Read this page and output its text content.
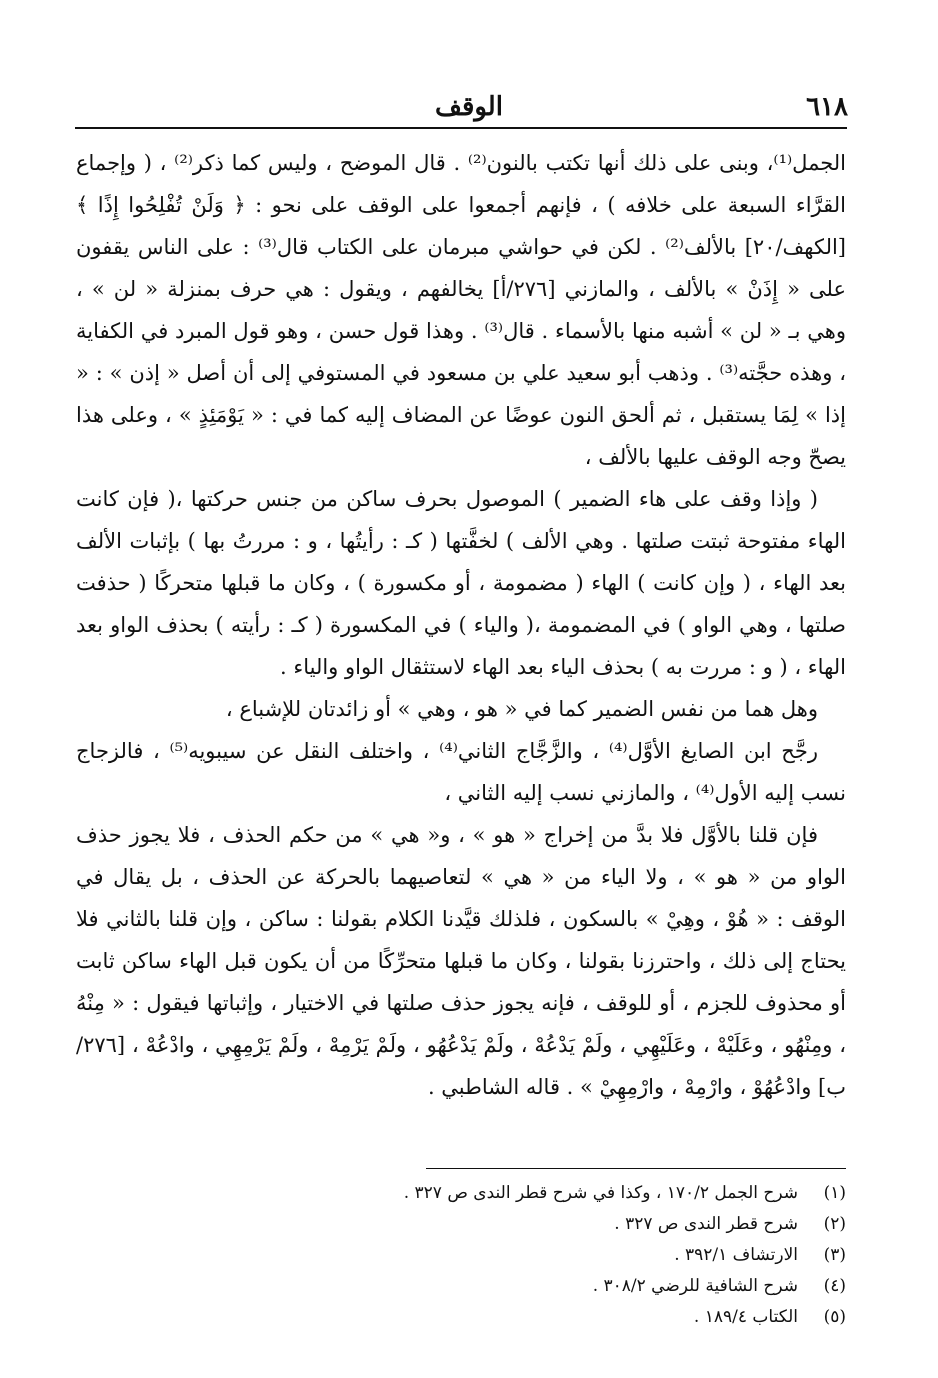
٦١٨
الوقف

الجمل⁽¹⁾، وبنى على ذلك أنها تكتب بالنون⁽²⁾ . قال الموضح ، وليس كما ذكر⁽²⁾ ، ( وإجماع القرَّاء السبعة على خلافه ) ، فإنهم أجمعوا على الوقف على نحو : ﴿ وَلَنْ تُفْلِحُوا إِذًا ﴾ [الكهف/٢٠] بالألف⁽²⁾ . لكن في حواشي مبرمان على الكتاب قال⁽³⁾ : على الناس يقفون على « إِذَنْ » بالألف ، والمازني [٢٧٦/أ] يخالفهم ، ويقول : هي حرف بمنزلة « لن » ، وهي بـ « لن » أشبه منها بالأسماء . قال⁽³⁾ . وهذا قول حسن ، وهو قول المبرد في الكفاية ، وهذه حجَّته⁽³⁾ . وذهب أبو سعيد علي بن مسعود في المستوفي إلى أن أصل « إذن » : « إذا » لِمَا يستقبل ، ثم ألحق النون عوضًا عن المضاف إليه كما في : « يَوْمَئِذٍ » ، وعلى هذا يصحّ وجه الوقف عليها بالألف ،

( وإذا وقف على هاء الضمير ) الموصول بحرف ساكن من جنس حركتها ،( فإن كانت الهاء مفتوحة ثبتت صلتها . وهي الألف ) لخفَّتها ( كـ : رأيتُها ، و : مررتُ بها ) بإثبات الألف بعد الهاء ، ( وإن كانت ) الهاء ( مضمومة ، أو مكسورة ) ، وكان ما قبلها متحركًا ( حذفت صلتها ، وهي الواو ) في المضمومة ،( والياء ) في المكسورة ( كـ : رأيته ) بحذف الواو بعد الهاء ، ( و : مررت به ) بحذف الياء بعد الهاء لاستثقال الواو والياء .

وهل هما من نفس الضمير كما في « هو ، وهي » أو زائدتان للإشباع ،

رجَّح ابن الصايغ الأوَّل⁽⁴⁾ ، والزَّجَّاج الثاني⁽⁴⁾ ، واختلف النقل عن سيبويه⁽⁵⁾ ، فالزجاج نسب إليه الأول⁽⁴⁾ ، والمازني نسب إليه الثاني ،

فإن قلنا بالأوَّل فلا بدَّ من إخراج « هو » ، و« هي » من حكم الحذف ، فلا يجوز حذف الواو من « هو » ، ولا الياء من « هي » لتعاصيهما بالحركة عن الحذف ، بل يقال في الوقف : « هُوْ ، وهِيْ » بالسكون ، فلذلك قيَّدنا الكلام بقولنا : ساكن ، وإن قلنا بالثاني فلا يحتاج إلى ذلك ، واحترزنا بقولنا ، وكان ما قبلها متحرِّكًا من أن يكون قبل الهاء ساكن ثابت أو محذوف للجزم ، أو للوقف ، فإنه يجوز حذف صلتها في الاختيار ، وإثباتها فيقول : « مِنْهُ ، ومِنْهُو ، وعَلَيْهْ ، وعَلَيْهِي ، ولَمْ يَدْعُهْ ، ولَمْ يَدْعُهُو ، ولَمْ يَرْمِهْ ، ولَمْ يَرْمِهِي ، وادْعُهْ ، [٢٧٦/ب] وادْعُهُوْ ، وارْمِهْ ، وارْمِهِيْ » . قاله الشاطبي .

(١)
شرح الجمل ١٧٠/٢ ، وكذا في شرح قطر الندى ص ٣٢٧ .
(٢)
شرح قطر الندى ص ٣٢٧ .
(٣)
الارتشاف ٣٩٢/١ .
(٤)
شرح الشافية للرضي ٣٠٨/٢ .
(٥)
الكتاب ١٨٩/٤ .
